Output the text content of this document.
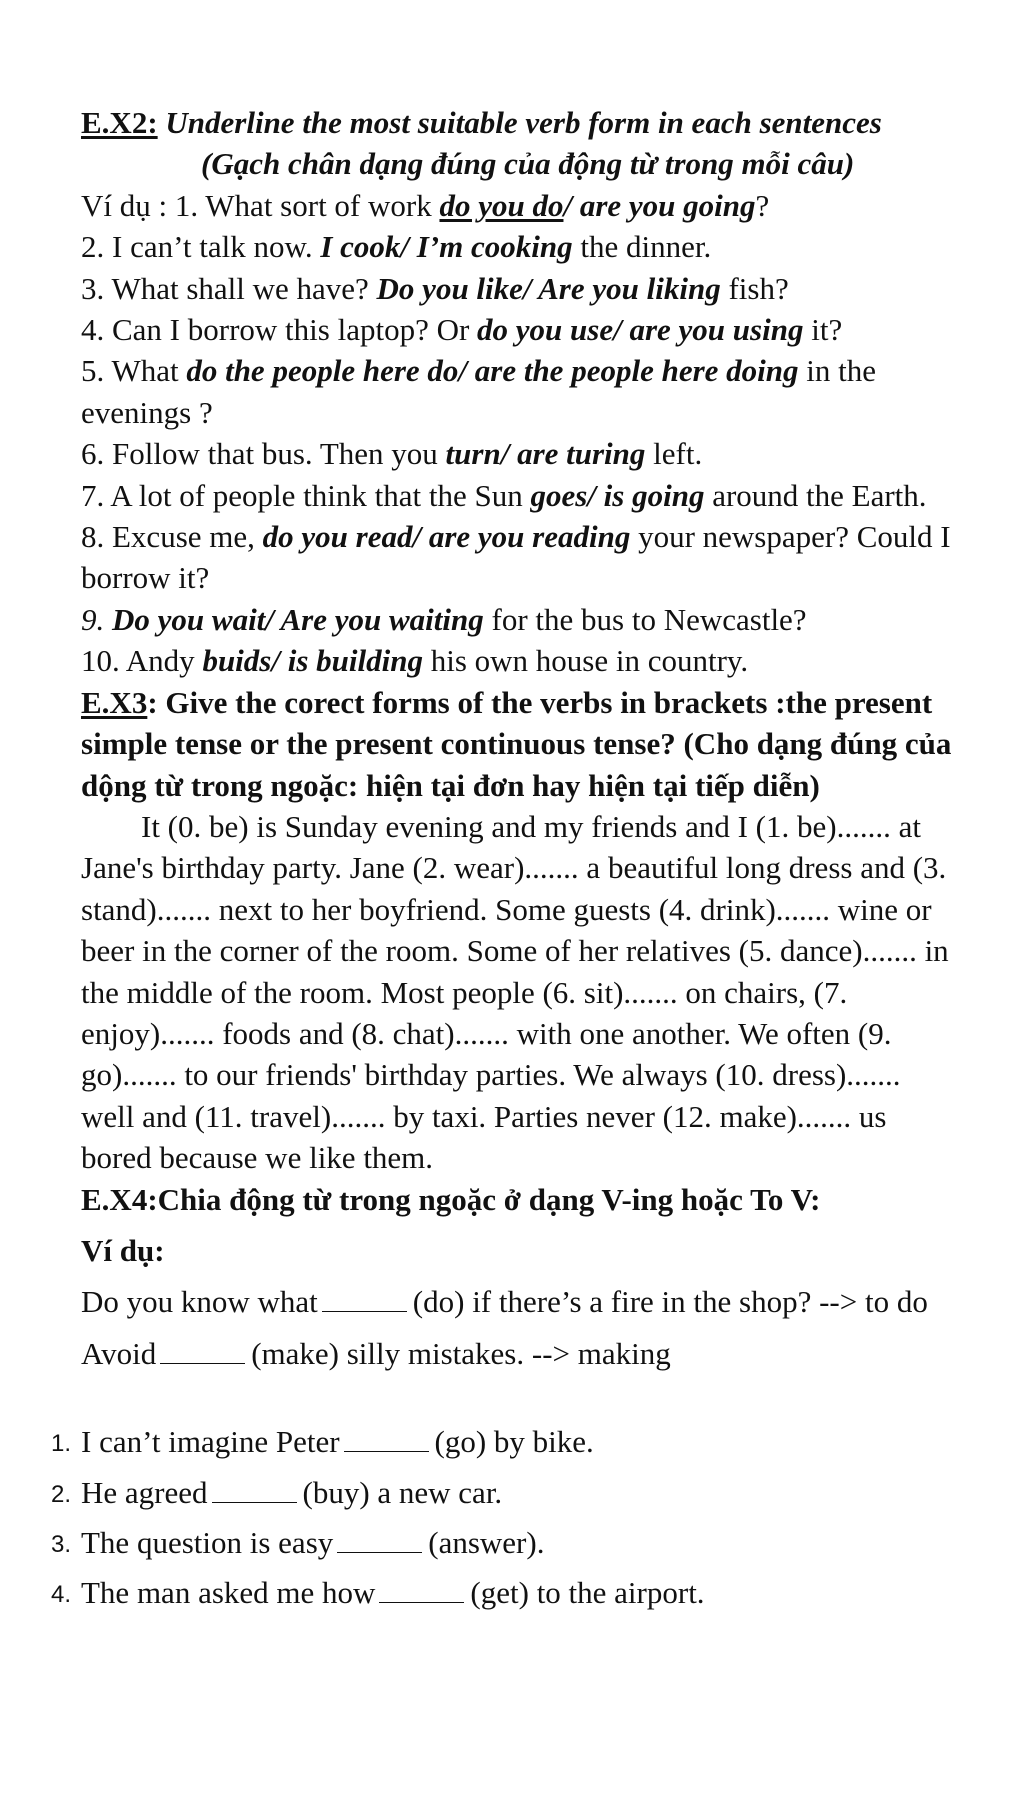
E.X2: Underline the most suitable verb form in each sentences

(Gạch chân dạng đúng của động từ trong mỗi câu)

Ví dụ : 1. What sort of work do you do/ are you going?

2. I can’t talk now. I cook/ I’m cooking the dinner.

3. What shall we have? Do you like/ Are you liking fish?

4. Can I borrow this laptop? Or do you use/ are you using it?

5. What do the people here do/ are the people here doing in the evenings ?

6. Follow that bus. Then you turn/ are turing left.

7. A lot of people think that the Sun goes/ is going around the Earth.

8. Excuse me, do you read/ are you reading your newspaper? Could I borrow it?

9. Do you wait/ Are you waiting for the bus to Newcastle?

10. Andy buids/ is building his own house in country.

E.X3: Give the corect forms of the verbs in brackets :the present simple tense or the present continuous tense? (Cho dạng đúng của dộng từ trong ngoặc: hiện tại đơn hay hiện tại tiếp diễn)

It (0. be) is Sunday evening and my friends and I (1. be)....... at Jane's birthday party. Jane (2. wear)....... a beautiful long dress and (3. stand)....... next to her boyfriend. Some guests (4. drink)....... wine or beer in the corner of the room. Some of her relatives (5. dance)....... in the middle of the room. Most people (6. sit)....... on chairs, (7. enjoy)....... foods and (8. chat)....... with one another. We often (9. go)....... to our friends' birthday parties. We always (10. dress)....... well and (11. travel)....... by taxi. Parties never (12. make)....... us bored because we like them.

E.X4:Chia động từ trong ngoặc ở dạng V-ing hoặc To V:

Ví dụ:

Do you know what	(do) if there’s a fire in the shop? --> to do

Avoid	(make) silly mistakes. --> making

1. I can’t imagine Peter	(go) by bike.
2. He agreed	(buy) a new car.
3. The question is easy	(answer).
4. The man asked me how	(get) to the airport.
